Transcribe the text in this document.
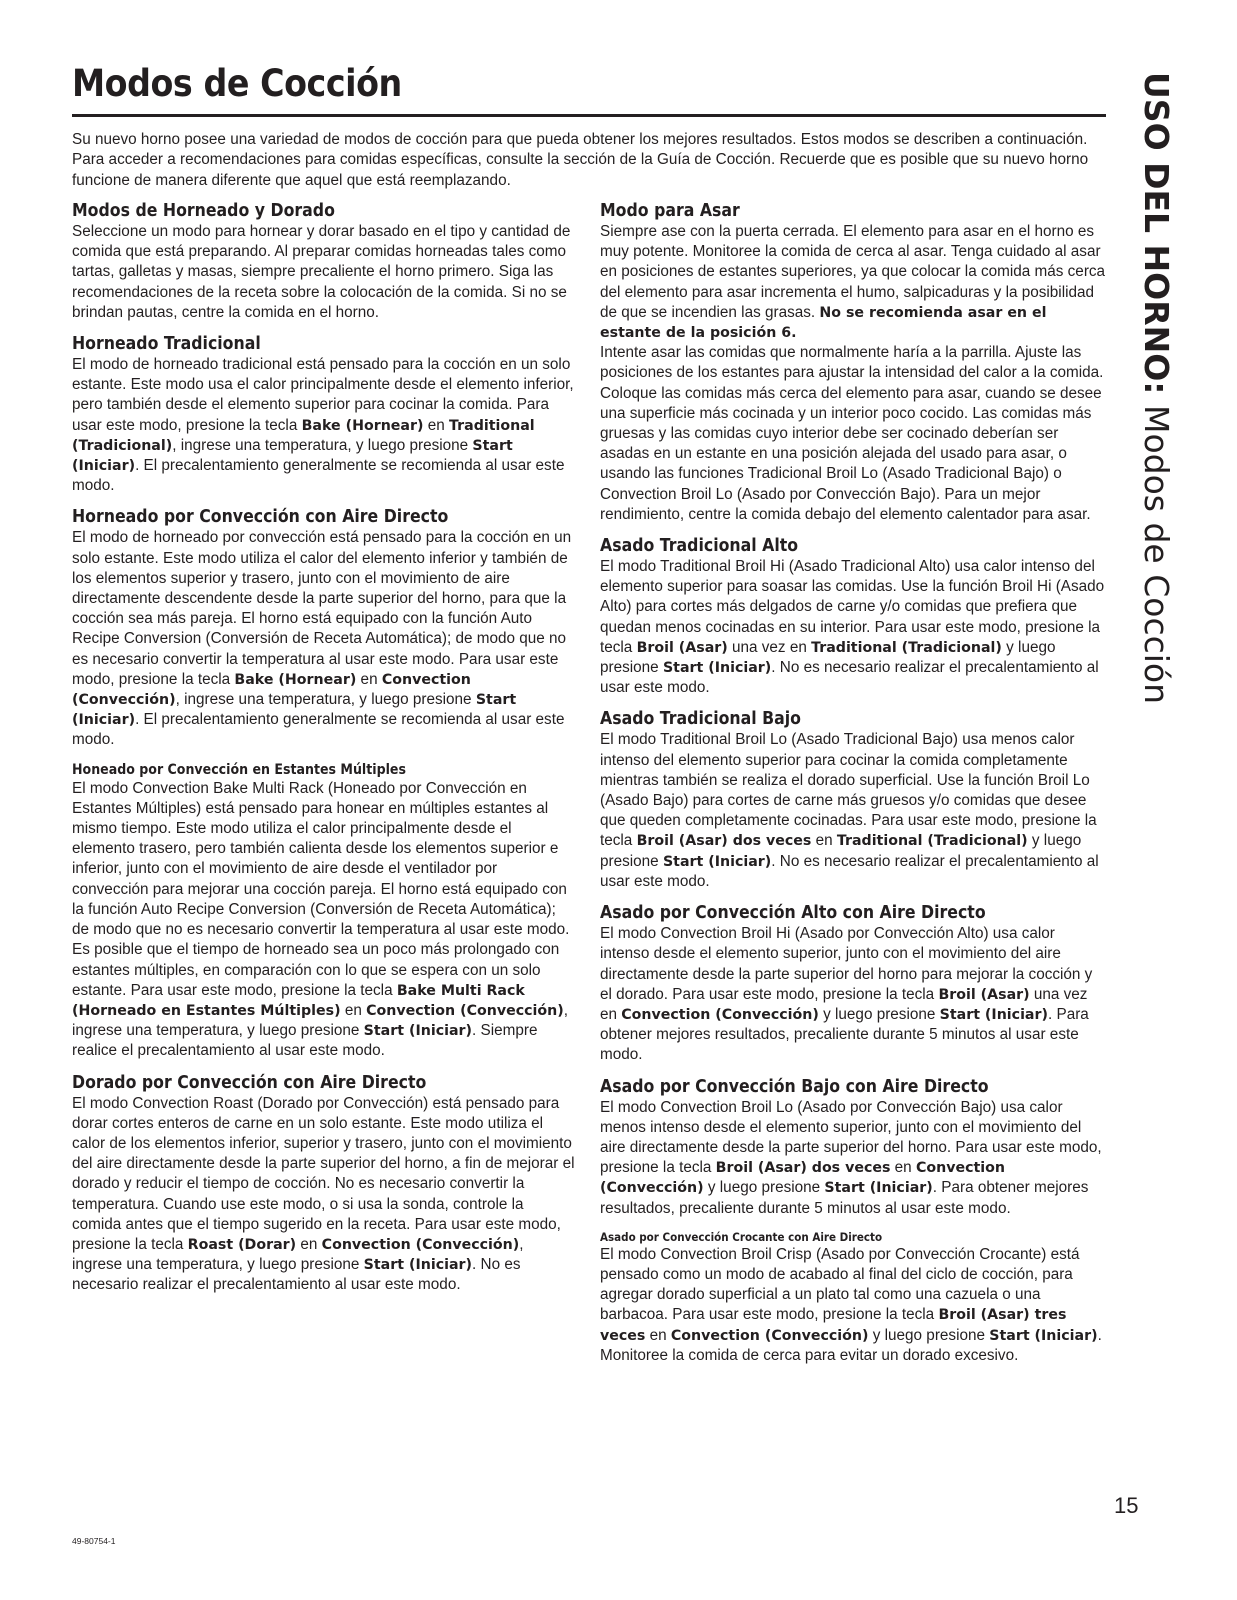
Modos de Cocción	USO DEL HORNO: Modos de Cocción

Su nuevo horno posee una variedad de modos de cocción para que pueda obtener los mejores resultados. Estos modos se describen a continuación. Para acceder a recomendaciones para comidas específicas, consulte la sección de la Guía de Cocción. Recuerde que es posible que su nuevo horno funcione de manera diferente que aquel que está reemplazando.

Modos de Horneado y Dorado

Seleccione un modo para hornear y dorar basado en el tipo y cantidad de comida que está preparando. Al preparar comidas horneadas tales como tartas, galletas y masas, siempre precaliente el horno primero. Siga las recomendaciones de la receta sobre la colocación de la comida. Si no se brindan pautas, centre la comida en el horno.

Horneado Tradicional

El modo de horneado tradicional está pensado para la cocción en un solo estante. Este modo usa el calor principalmente desde el elemento inferior, pero también desde el elemento superior para cocinar la comida. Para usar este modo, presione la tecla Bake (Hornear) en Traditional (Tradicional), ingrese una temperatura, y luego presione Start (Iniciar). El precalentamiento generalmente se recomienda al usar este modo.

Horneado por Convección con Aire Directo

El modo de horneado por convección está pensado para la cocción en un solo estante. Este modo utiliza el calor del elemento inferior y también de los elementos superior y trasero, junto con el movimiento de aire directamente descendente desde la parte superior del horno, para que la cocción sea más pareja. El horno está equipado con la función Auto Recipe Conversion (Conversión de Receta Automática); de modo que no es necesario convertir la temperatura al usar este modo. Para usar este modo, presione la tecla Bake (Hornear) en Convection (Convección), ingrese una temperatura, y luego presione Start (Iniciar). El precalentamiento generalmente se recomienda al usar este modo.

Honeado por Convección en Estantes Múltiples

El modo Convection Bake Multi Rack (Honeado por Convección en Estantes Múltiples) está pensado para honear en múltiples estantes al mismo tiempo. Este modo utiliza el calor principalmente desde el elemento trasero, pero también calienta desde los elementos superior e inferior, junto con el movimiento de aire desde el ventilador por convección para mejorar una cocción pareja. El horno está equipado con la función Auto Recipe Conversion (Conversión de Receta Automática); de modo que no es necesario convertir la temperatura al usar este modo. Es posible que el tiempo de horneado sea un poco más prolongado con estantes múltiples, en comparación con lo que se espera con un solo estante. Para usar este modo, presione la tecla Bake Multi Rack (Horneado en Estantes Múltiples) en Convection (Convección), ingrese una temperatura, y luego presione Start (Iniciar). Siempre realice el precalentamiento al usar este modo.

Dorado por Convección con Aire Directo

El modo Convection Roast (Dorado por Convección) está pensado para dorar cortes enteros de carne en un solo estante. Este modo utiliza el calor de los elementos inferior, superior y trasero, junto con el movimiento del aire directamente desde la parte superior del horno, a fin de mejorar el dorado y reducir el tiempo de cocción. No es necesario convertir la temperatura. Cuando use este modo, o si usa la sonda, controle la comida antes que el tiempo sugerido en la receta. Para usar este modo, presione la tecla Roast (Dorar) en Convection (Convección), ingrese una temperatura, y luego presione Start (Iniciar). No es necesario realizar el precalentamiento al usar este modo.

Modo para Asar

Siempre ase con la puerta cerrada. El elemento para asar en el horno es muy potente. Monitoree la comida de cerca al asar. Tenga cuidado al asar en posiciones de estantes superiores, ya que colocar la comida más cerca del elemento para asar incrementa el humo, salpicaduras y la posibilidad de que se incendien las grasas. No se recomienda asar en el estante de la posición 6.
Intente asar las comidas que normalmente haría a la parrilla. Ajuste las posiciones de los estantes para ajustar la intensidad del calor a la comida. Coloque las comidas más cerca del elemento para asar, cuando se desee una superficie más cocinada y un interior poco cocido. Las comidas más gruesas y las comidas cuyo interior debe ser cocinado deberían ser asadas en un estante en una posición alejada del usado para asar, o usando las funciones Tradicional Broil Lo (Asado Tradicional Bajo) o Convection Broil Lo (Asado por Convección Bajo). Para un mejor rendimiento, centre la comida debajo del elemento calentador para asar.

Asado Tradicional Alto

El modo Traditional Broil Hi (Asado Tradicional Alto) usa calor intenso del elemento superior para soasar las comidas. Use la función Broil Hi (Asado Alto) para cortes más delgados de carne y/o comidas que prefiera que quedan menos cocinadas en su interior. Para usar este modo, presione la tecla Broil (Asar) una vez en Traditional (Tradicional) y luego presione Start (Iniciar). No es necesario realizar el precalentamiento al usar este modo.

Asado Tradicional Bajo

El modo Traditional Broil Lo (Asado Tradicional Bajo) usa menos calor intenso del elemento superior para cocinar la comida completamente mientras también se realiza el dorado superficial. Use la función Broil Lo (Asado Bajo) para cortes de carne más gruesos y/o comidas que desee que queden completamente cocinadas. Para usar este modo, presione la tecla Broil (Asar) dos veces en Traditional (Tradicional) y luego presione Start (Iniciar). No es necesario realizar el precalentamiento al usar este modo.

Asado por Convección Alto con Aire Directo

El modo Convection Broil Hi (Asado por Convección Alto) usa calor intenso desde el elemento superior, junto con el movimiento del aire directamente desde la parte superior del horno para mejorar la cocción y el dorado. Para usar este modo, presione la tecla Broil (Asar) una vez en Convection (Convección) y luego presione Start (Iniciar). Para obtener mejores resultados, precaliente durante 5 minutos al usar este modo.

Asado por Convección Bajo con Aire Directo

El modo Convection Broil Lo (Asado por Convección Bajo) usa calor menos intenso desde el elemento superior, junto con el movimiento del aire directamente desde la parte superior del horno. Para usar este modo, presione la tecla Broil (Asar) dos veces en Convection (Convección) y luego presione Start (Iniciar). Para obtener mejores resultados, precaliente durante 5 minutos al usar este modo.

Asado por Convección Crocante con Aire Directo

El modo Convection Broil Crisp (Asado por Convección Crocante) está pensado como un modo de acabado al final del ciclo de cocción, para agregar dorado superficial a un plato tal como una cazuela o una barbacoa. Para usar este modo, presione la tecla Broil (Asar) tres veces en Convection (Convección) y luego presione Start (Iniciar). Monitoree la comida de cerca para evitar un dorado excesivo.

49-80754-1
15
